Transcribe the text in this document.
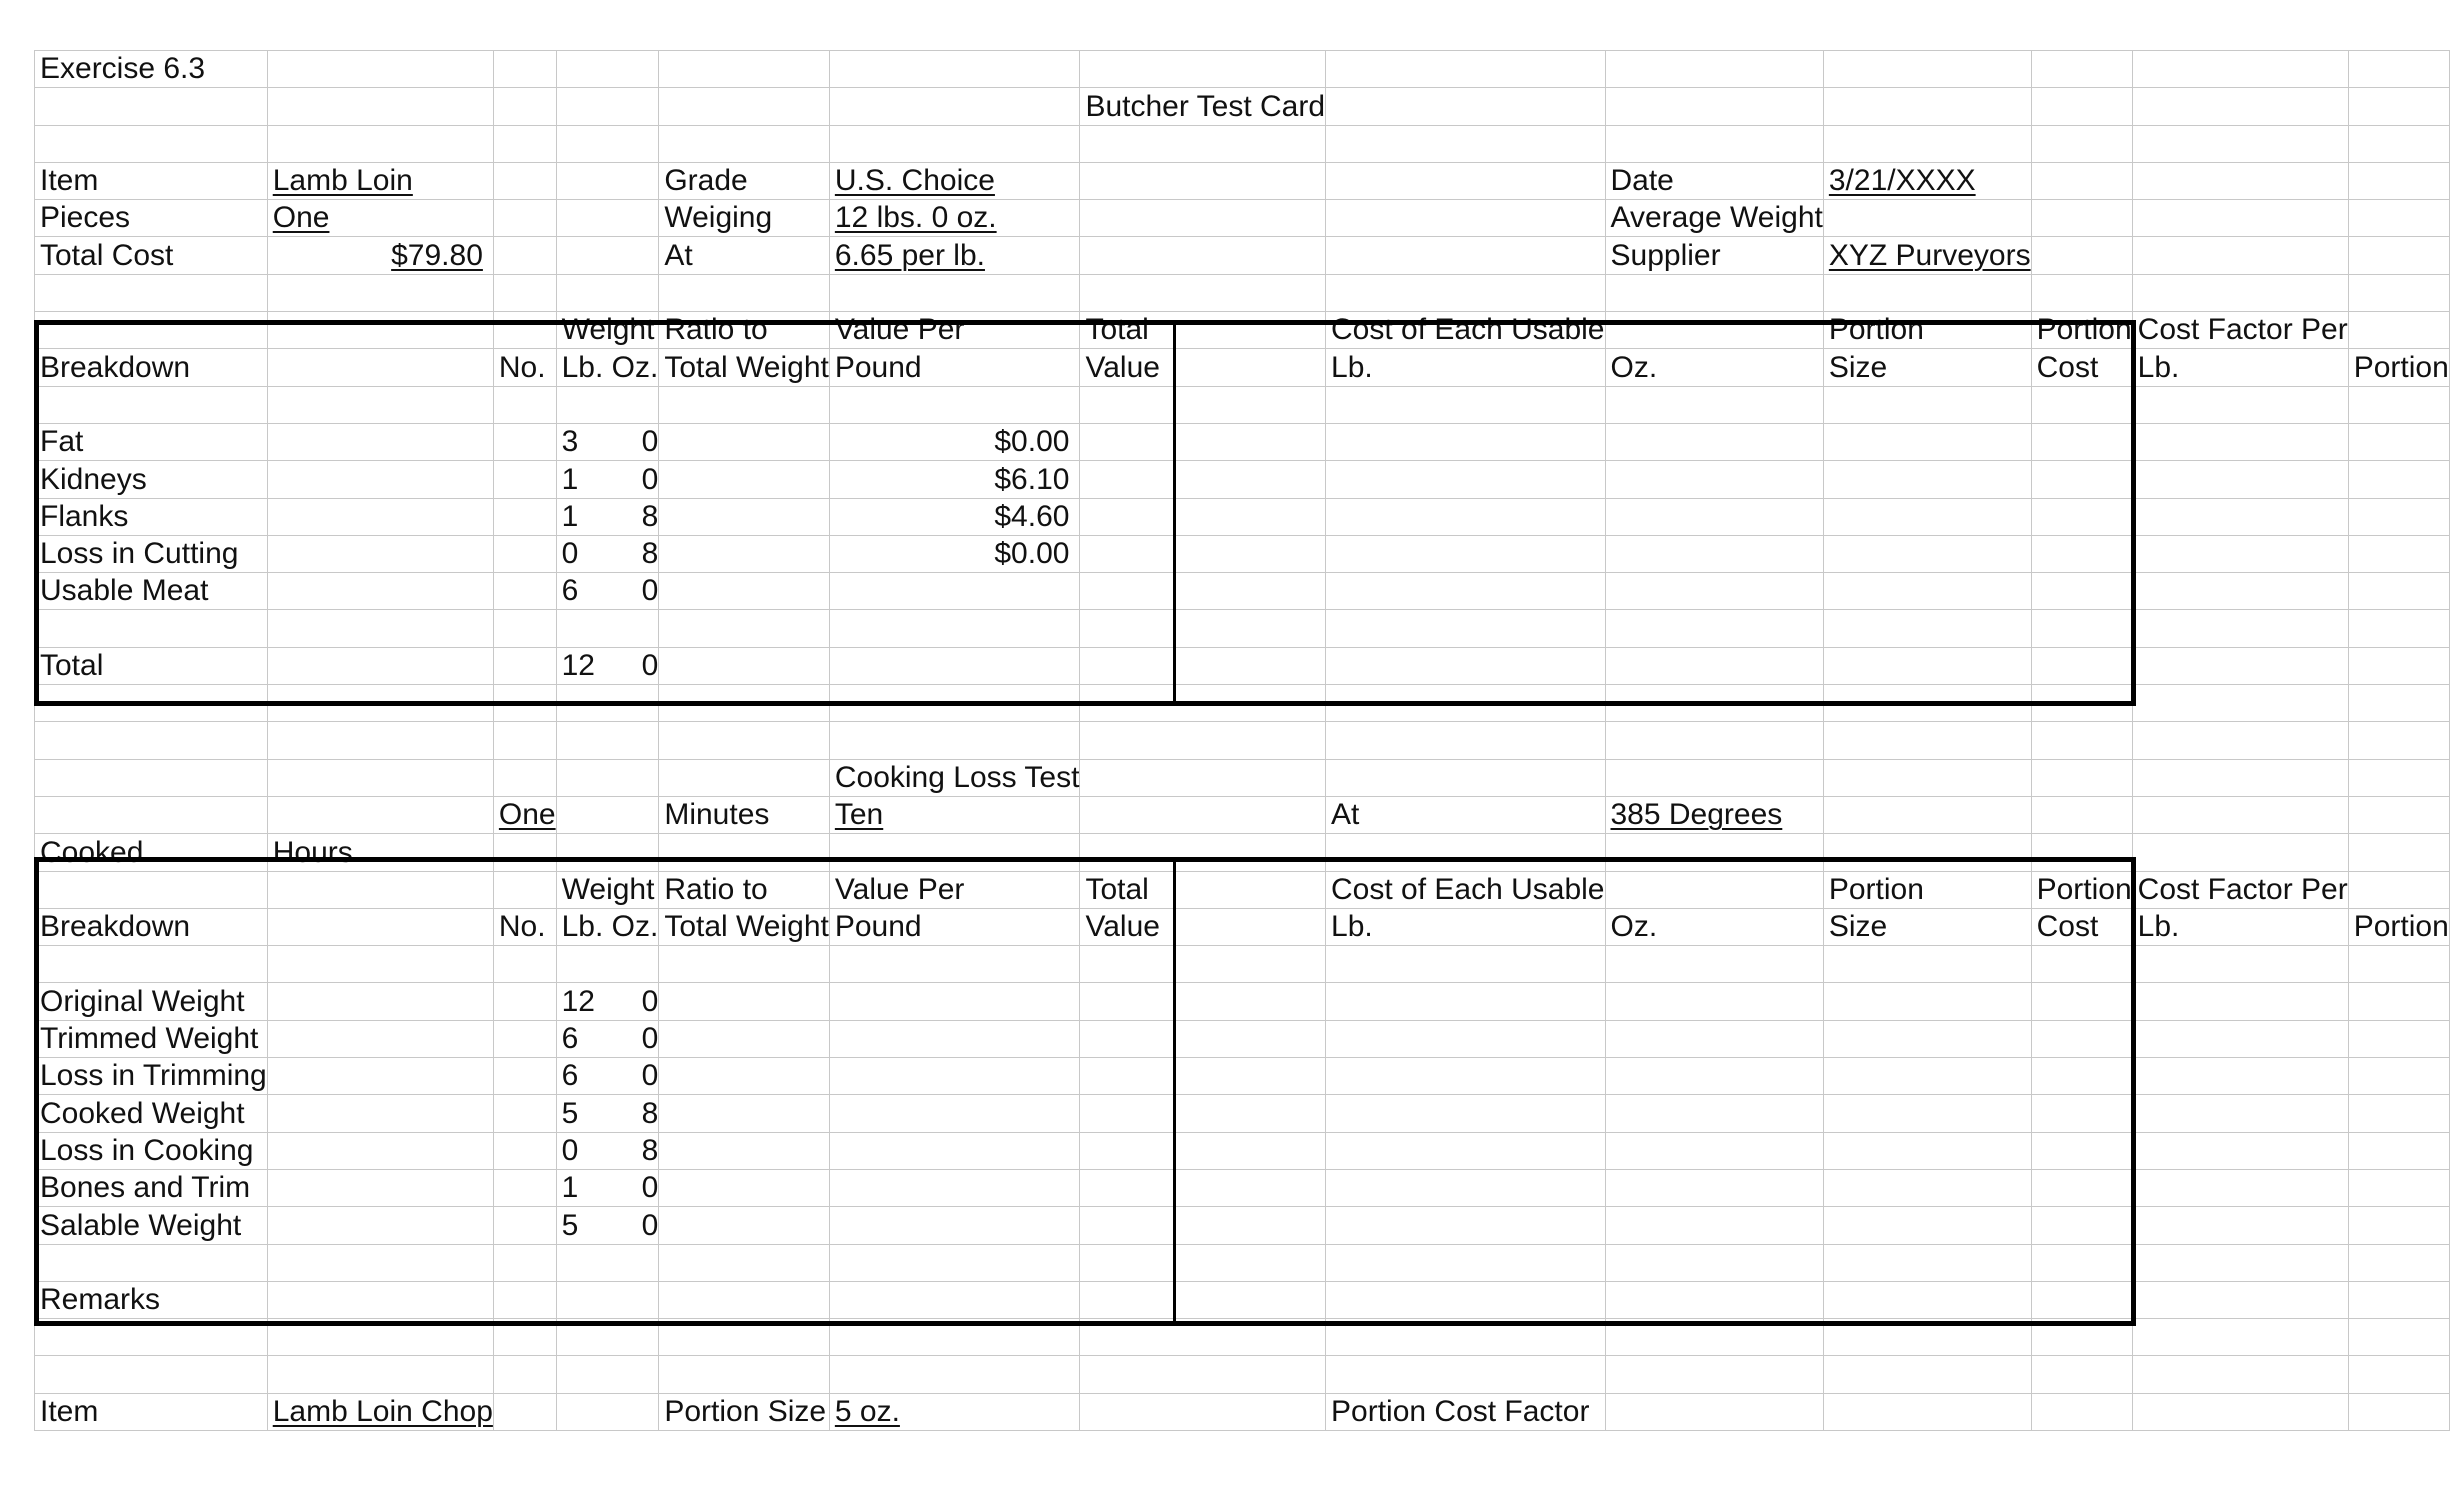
Exercise 6.3												
						Butcher Test Card						

Item	Lamb Loin			Grade	U.S. Choice			Date	3/21/XXXX			
Pieces	One			Weiging	12 lbs. 0 oz.			Average Weight				
Total Cost	$79.80			At	6.65 per lb.			Supplier	XYZ Purveyors			

			Weight	Ratio to	Value Per	Total	Cost of Each Usable		Portion	Portion	Cost Factor Per	
Breakdown		No.	Lb. Oz.	Total Weight	Pound	Value	Lb.	Oz.	Size	Cost	Lb.	Portion

Fat			3 0		$0.00							
Kidneys			1 0		$6.10							
Flanks			1 8		$4.60							
Loss in Cutting			0 8		$0.00							
Usable Meat			6 0									

Total			12 0									

					Cooking Loss Test							
		One		Minutes	Ten		At	385 Degrees				
Cooked	Hours											
			Weight	Ratio to	Value Per	Total	Cost of Each Usable		Portion	Portion	Cost Factor Per	
Breakdown		No.	Lb. Oz.	Total Weight	Pound	Value	Lb.	Oz.	Size	Cost	Lb.	Portion

Original Weight			12 0									

Trimmed Weight			6 0									

Loss in Trimming			6 0									

Cooked Weight			5 8									

Loss in Cooking			0 8									

Bones and Trim			1 0									

Salable Weight			5 0									

Remarks												

Item	Lamb Loin Chop			Portion Size	5 oz.		Portion Cost Factor					
